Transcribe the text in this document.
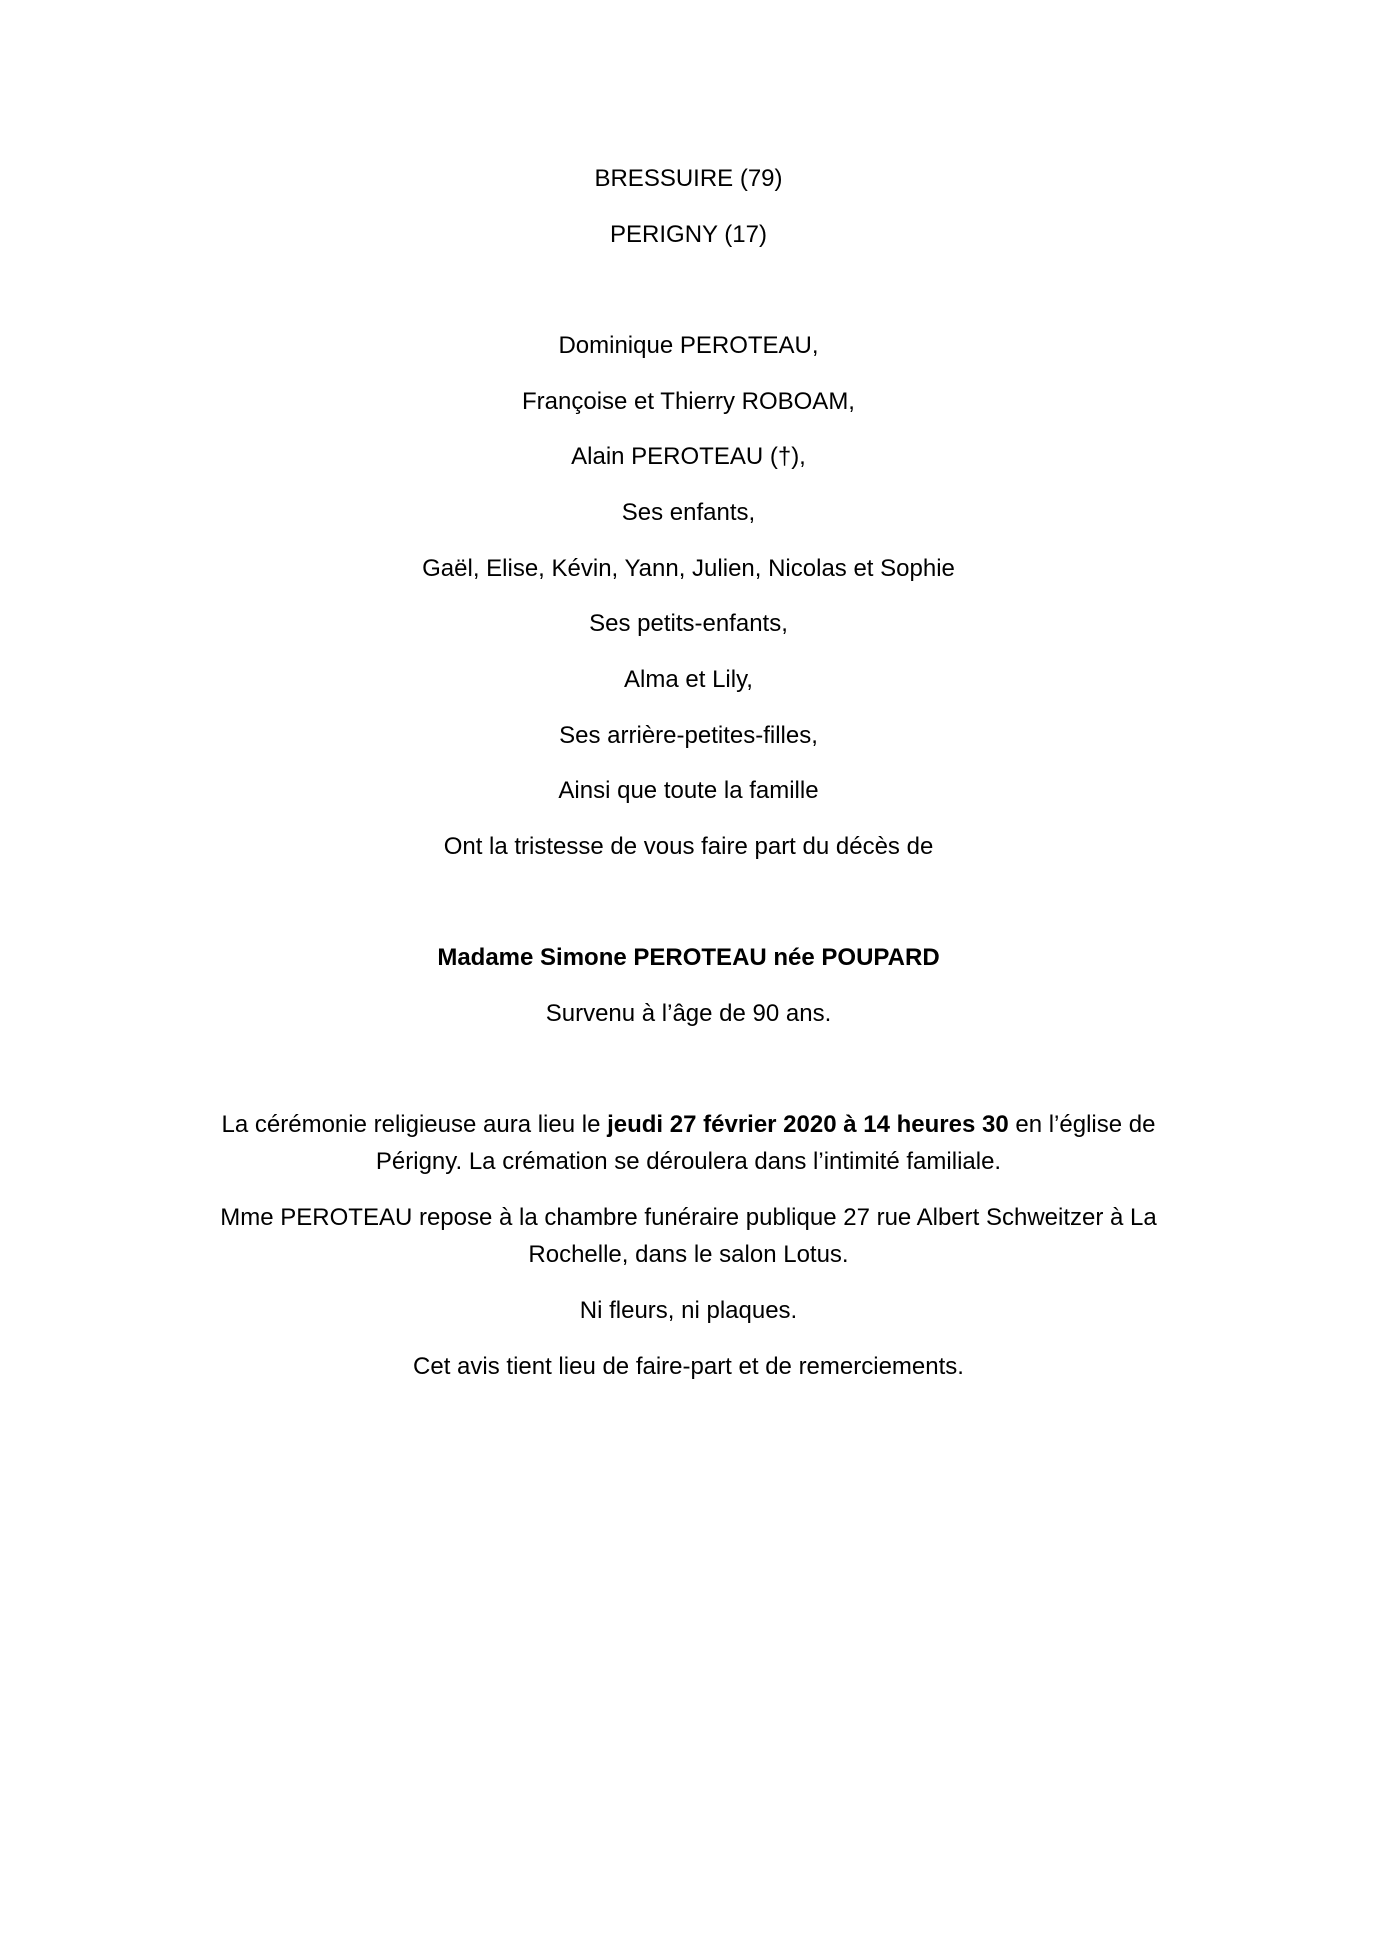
BRESSUIRE (79)
PERIGNY (17)
Dominique PEROTEAU,
Françoise et Thierry ROBOAM,
Alain PEROTEAU (†),
Ses enfants,
Gaël, Elise, Kévin, Yann, Julien, Nicolas et Sophie
Ses petits-enfants,
Alma et Lily,
Ses arrière-petites-filles,
Ainsi que toute la famille
Ont la tristesse de vous faire part du décès de
Madame Simone PEROTEAU née POUPARD
Survenu à l’âge de 90 ans.
La cérémonie religieuse aura lieu le jeudi 27 février 2020 à 14 heures 30 en l’église de Périgny. La crémation se déroulera dans l’intimité familiale.
Mme PEROTEAU repose à la chambre funéraire publique 27 rue Albert Schweitzer à La Rochelle, dans le salon Lotus.
Ni fleurs, ni plaques.
Cet avis tient lieu de faire-part et de remerciements.
